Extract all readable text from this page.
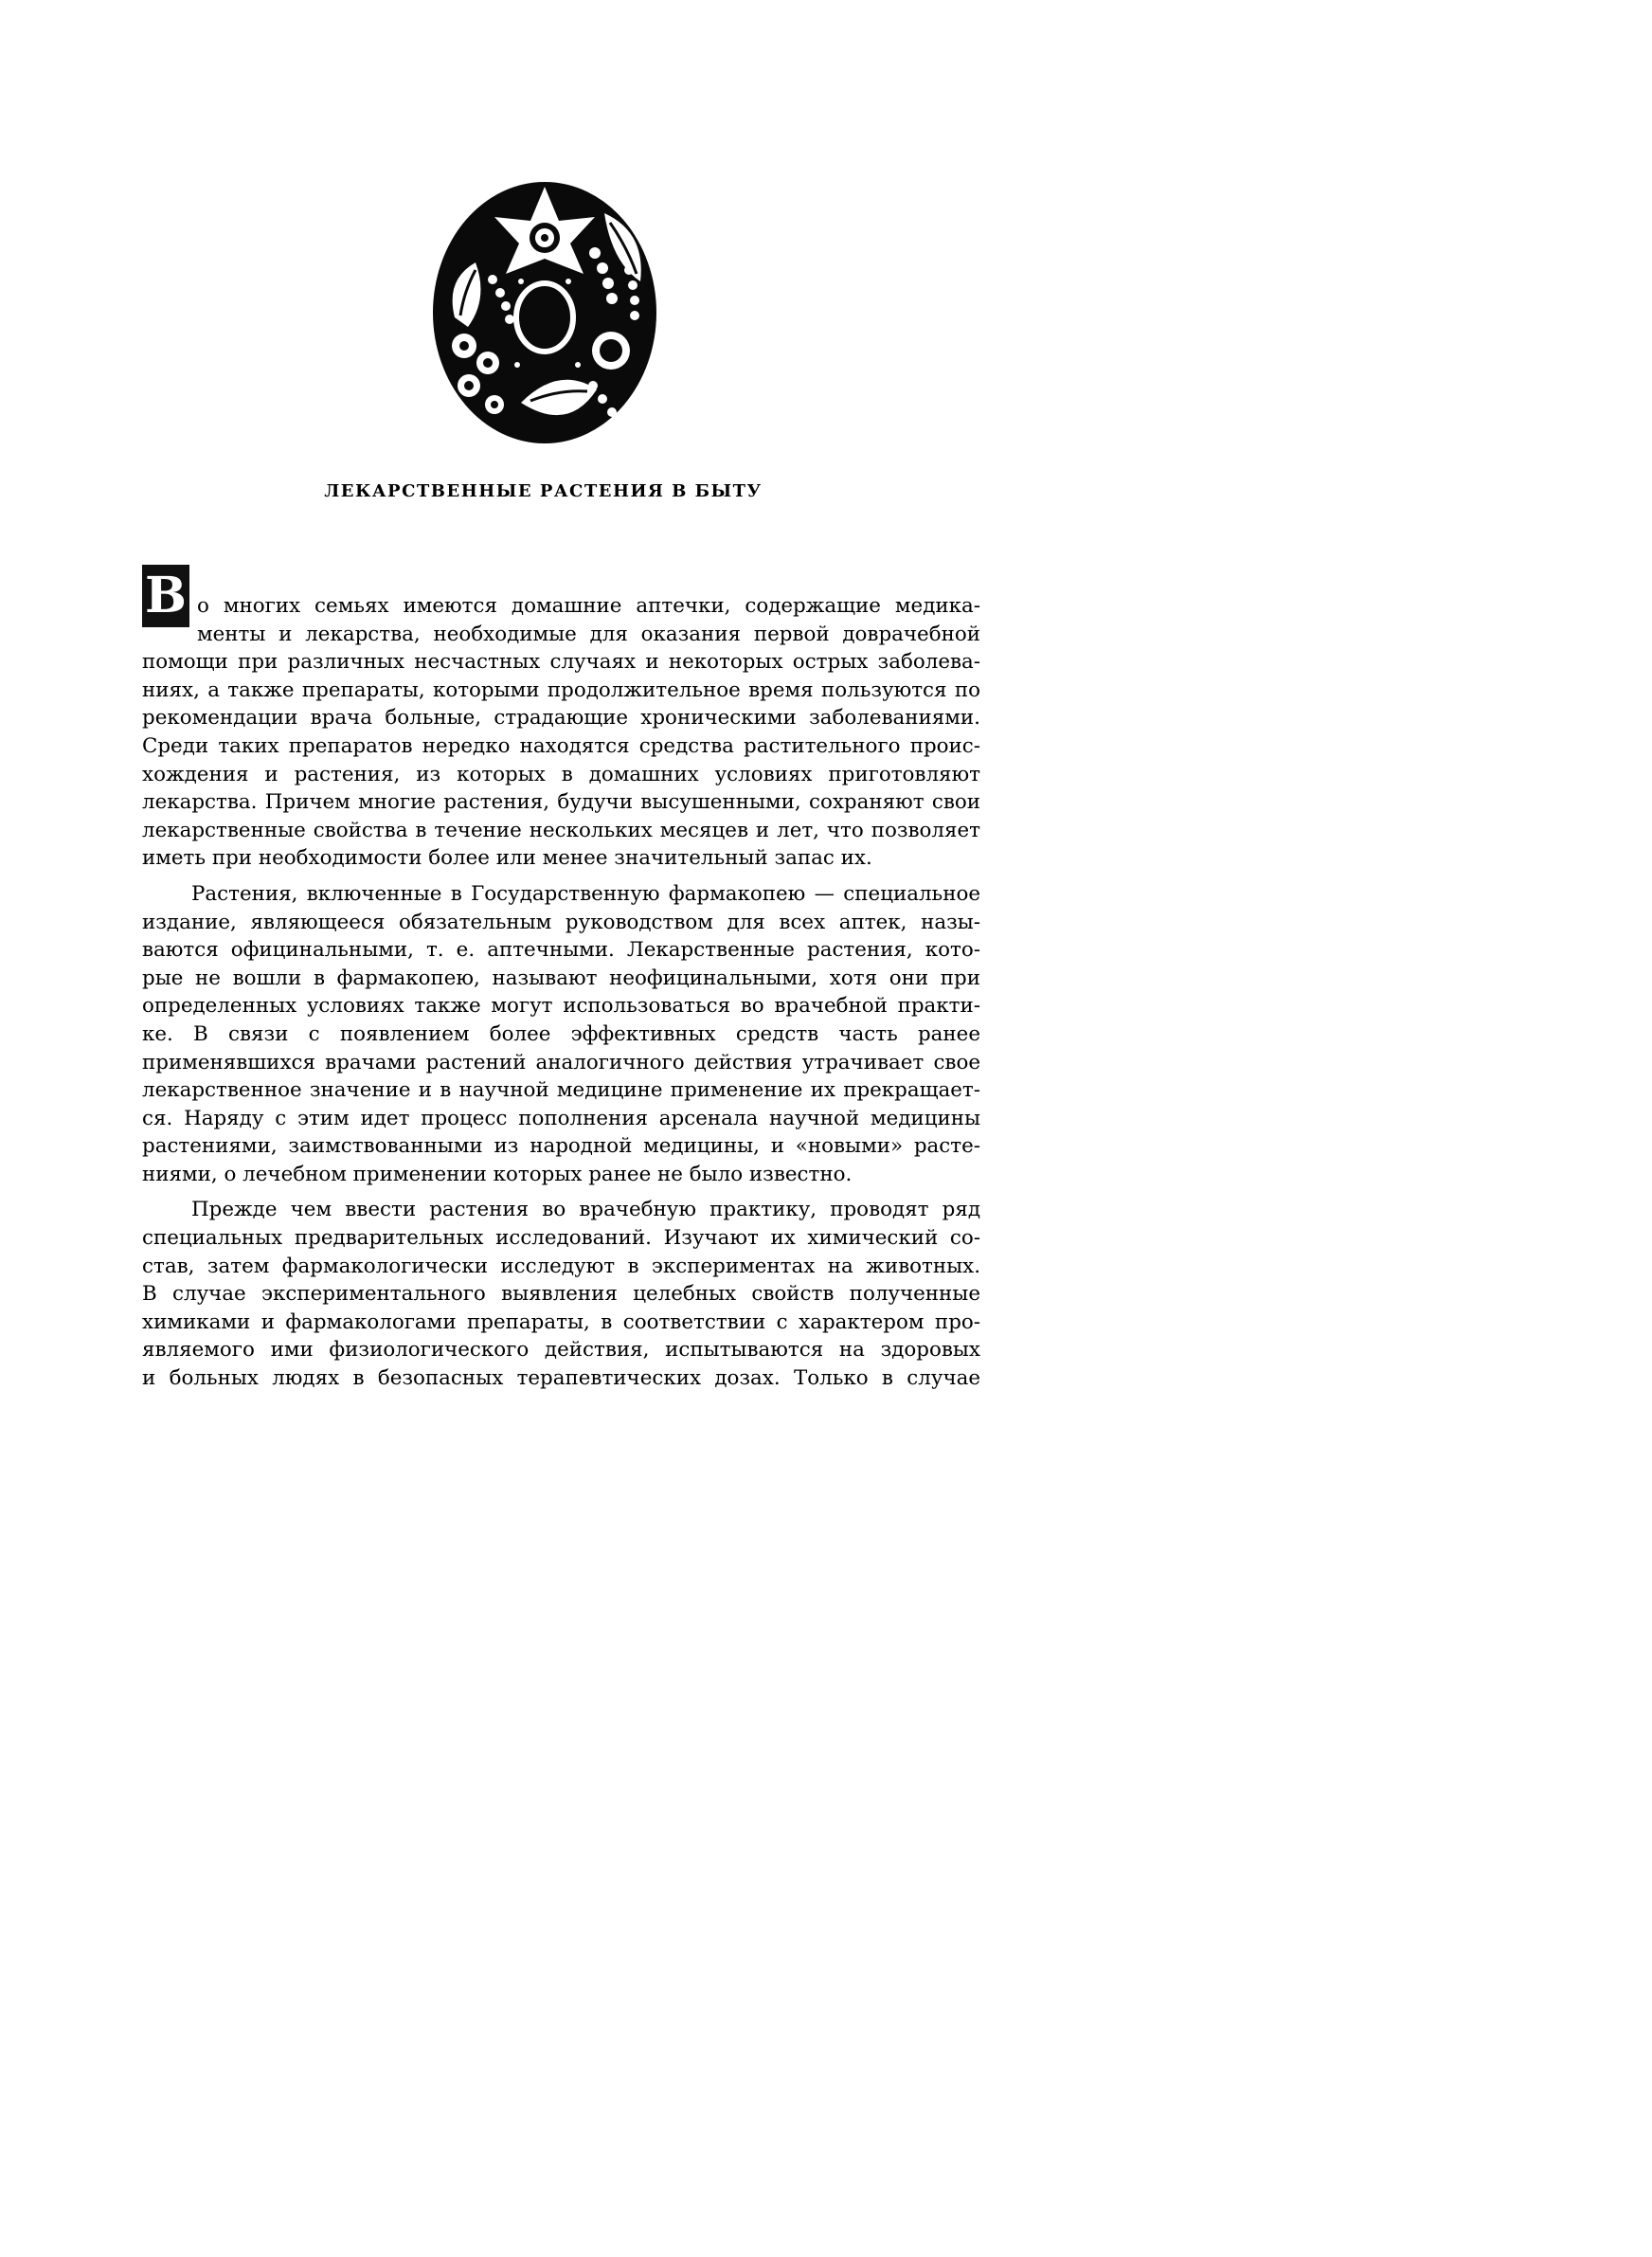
ЛЕКАРСТВЕННЫЕ РАСТЕНИЯ В БЫТУ
В о многих семьях имеются домашние аптечки, содержащие медика-
менты и лекарства, необходимые для оказания первой доврачебной
помощи при различных несчастных случаях и некоторых острых заболева-
ниях, а также препараты, которыми продолжительное время пользуются по
рекомендации врача больные, страдающие хроническими заболеваниями.
Среди таких препаратов нередко находятся средства растительного проис-
хождения и растения, из которых в домашних условиях приготовляют
лекарства. Причем многие растения, будучи высушенными, сохраняют свои
лекарственные свойства в течение нескольких месяцев и лет, что позволяет
иметь при необходимости более или менее значительный запас их.
Растения, включенные в Государственную фармакопею — специальное
издание, являющееся обязательным руководством для всех аптек, назы-
ваются официнальными, т. е. аптечными. Лекарственные растения, кото-
рые не вошли в фармакопею, называют неофицинальными, хотя они при
определенных условиях также могут использоваться во врачебной практи-
ке. В связи с появлением более эффективных средств часть ранее
применявшихся врачами растений аналогичного действия утрачивает свое
лекарственное значение и в научной медицине применение их прекращает-
ся. Наряду с этим идет процесс пополнения арсенала научной медицины
растениями, заимствованными из народной медицины, и «новыми» расте-
ниями, о лечебном применении которых ранее не было известно.
Прежде чем ввести растения во врачебную практику, проводят ряд
специальных предварительных исследований. Изучают их химический со-
став, затем фармакологически исследуют в экспериментах на животных.
В случае экспериментального выявления целебных свойств полученные
химиками и фармакологами препараты, в соответствии с характером про-
являемого ими физиологического действия, испытываются на здоровых
и больных людях в безопасных терапевтических дозах. Только в случае
